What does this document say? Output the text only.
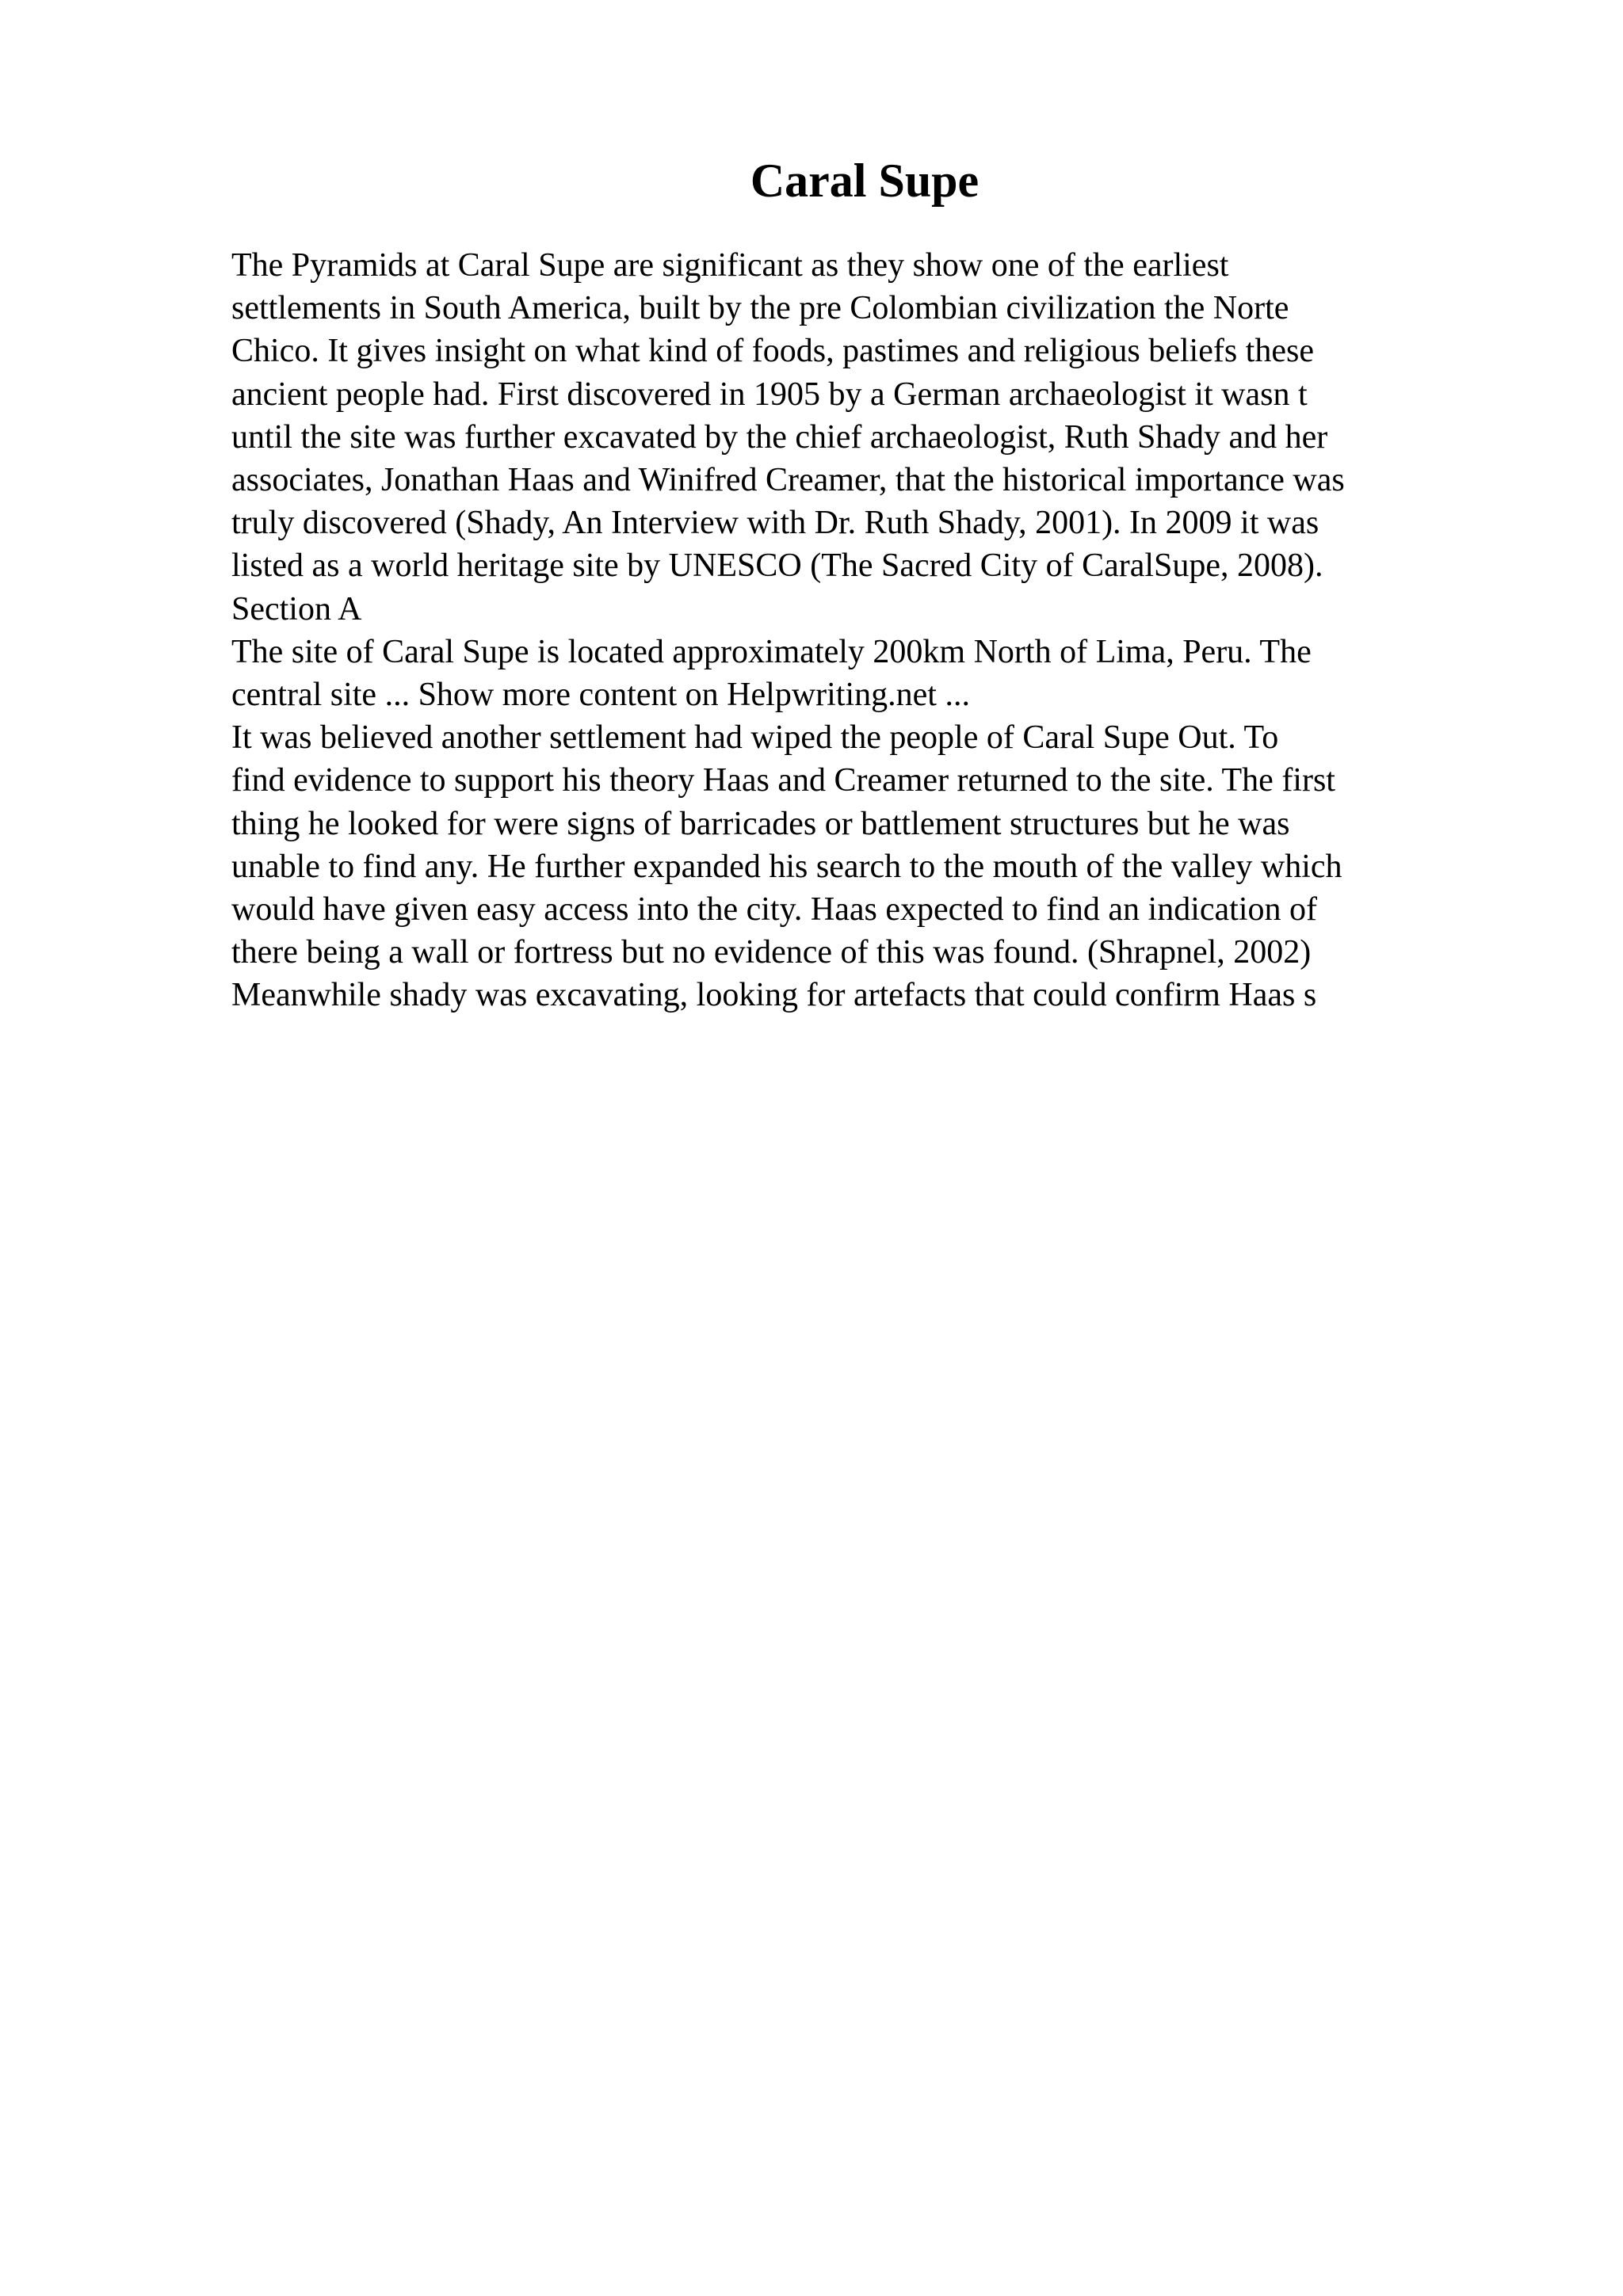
Caral Supe
The Pyramids at Caral Supe are significant as they show one of the earliest
settlements in South America, built by the pre Colombian civilization the Norte
Chico. It gives insight on what kind of foods, pastimes and religious beliefs these
ancient people had. First discovered in 1905 by a German archaeologist it wasn t
until the site was further excavated by the chief archaeologist, Ruth Shady and her
associates, Jonathan Haas and Winifred Creamer, that the historical importance was
truly discovered (Shady, An Interview with Dr. Ruth Shady, 2001). In 2009 it was
listed as a world heritage site by UNESCO (The Sacred City of CaralSupe, 2008).
Section A
The site of Caral Supe is located approximately 200km North of Lima, Peru. The
central site ... Show more content on Helpwriting.net ...
It was believed another settlement had wiped the people of Caral Supe Out. To
find evidence to support his theory Haas and Creamer returned to the site. The first
thing he looked for were signs of barricades or battlement structures but he was
unable to find any. He further expanded his search to the mouth of the valley which
would have given easy access into the city. Haas expected to find an indication of
there being a wall or fortress but no evidence of this was found. (Shrapnel, 2002)
Meanwhile shady was excavating, looking for artefacts that could confirm Haas s
